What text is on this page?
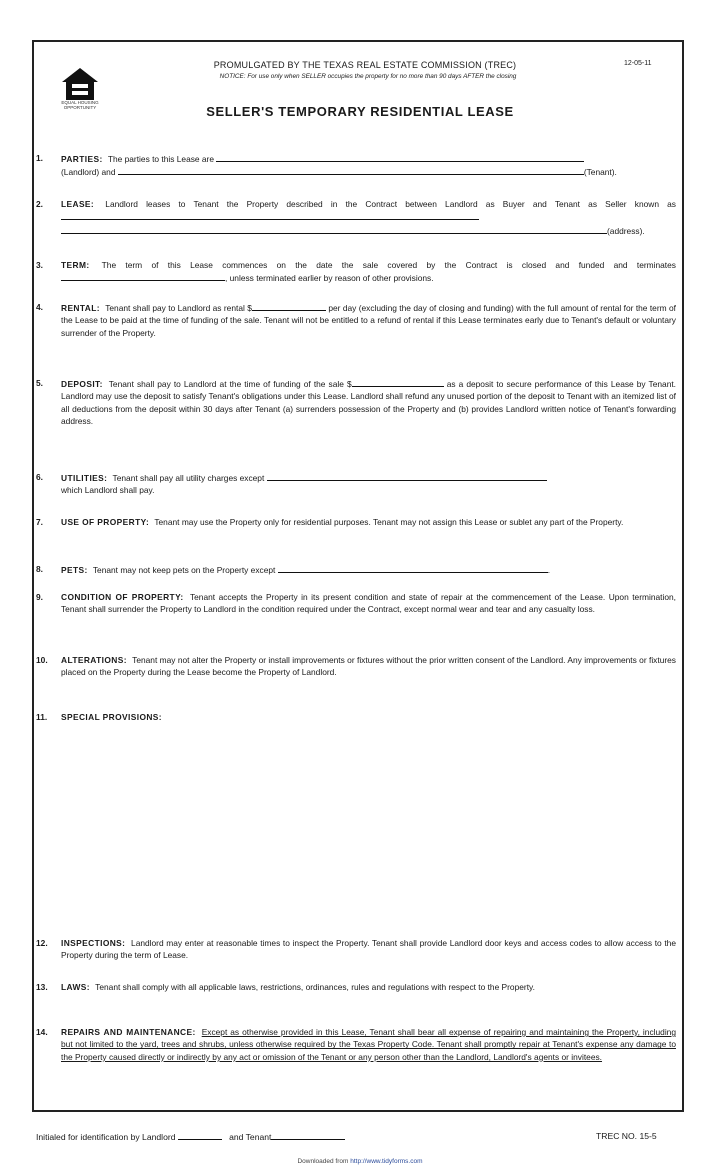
EQUAL HOUSING OPPORTUNITY
PROMULGATED BY THE TEXAS REAL ESTATE COMMISSION (TREC)
NOTICE: For use only when SELLER occupies the property for no more than 90 days AFTER the closing
12-05-11
SELLER'S TEMPORARY RESIDENTIAL LEASE
1. PARTIES: The parties to this Lease are
(Landlord) and	(Tenant).
2. LEASE: Landlord leases to Tenant the Property described in the Contract between Landlord as Buyer and Tenant as Seller known as
(address).
3. TERM: The term of this Lease commences on the date the sale covered by the Contract is closed and funded and terminates , unless terminated earlier by reason of other provisions.
4. RENTAL: Tenant shall pay to Landlord as rental $	per day (excluding the day of closing and funding) with the full amount of rental for the term of the Lease to be paid at the time of funding of the sale. Tenant will not be entitled to a refund of rental if this Lease terminates early due to Tenant's default or voluntary surrender of the Property.
5. DEPOSIT: Tenant shall pay to Landlord at the time of funding of the sale $	as a deposit to secure performance of this Lease by Tenant. Landlord may use the deposit to satisfy Tenant's obligations under this Lease. Landlord shall refund any unused portion of the deposit to Tenant with an itemized list of all deductions from the deposit within 30 days after Tenant (a) surrenders possession of the Property and (b) provides Landlord written notice of Tenant's forwarding address.
6. UTILITIES: Tenant shall pay all utility charges except
which Landlord shall pay.
7. USE OF PROPERTY: Tenant may use the Property only for residential purposes. Tenant may not assign this Lease or sublet any part of the Property.
8. PETS: Tenant may not keep pets on the Property except	.
9. CONDITION OF PROPERTY: Tenant accepts the Property in its present condition and state of repair at the commencement of the Lease. Upon termination, Tenant shall surrender the Property to Landlord in the condition required under the Contract, except normal wear and tear and any casualty loss.
10. ALTERATIONS: Tenant may not alter the Property or install improvements or fixtures without the prior written consent of the Landlord. Any improvements or fixtures placed on the Property during the Lease become the Property of Landlord.
11. SPECIAL PROVISIONS:
12. INSPECTIONS: Landlord may enter at reasonable times to inspect the Property. Tenant shall provide Landlord door keys and access codes to allow access to the Property during the term of Lease.
13. LAWS: Tenant shall comply with all applicable laws, restrictions, ordinances, rules and regulations with respect to the Property.
14. REPAIRS AND MAINTENANCE: Except as otherwise provided in this Lease, Tenant shall bear all expense of repairing and maintaining the Property, including but not limited to the yard, trees and shrubs, unless otherwise required by the Texas Property Code. Tenant shall promptly repair at Tenant's expense any damage to the Property caused directly or indirectly by any act or omission of the Tenant or any person other than the Landlord, Landlord's agents or invitees.
Initialed for identification by Landlord	and Tenant	TREC NO. 15-5
Downloaded from http://www.tidyforms.com
